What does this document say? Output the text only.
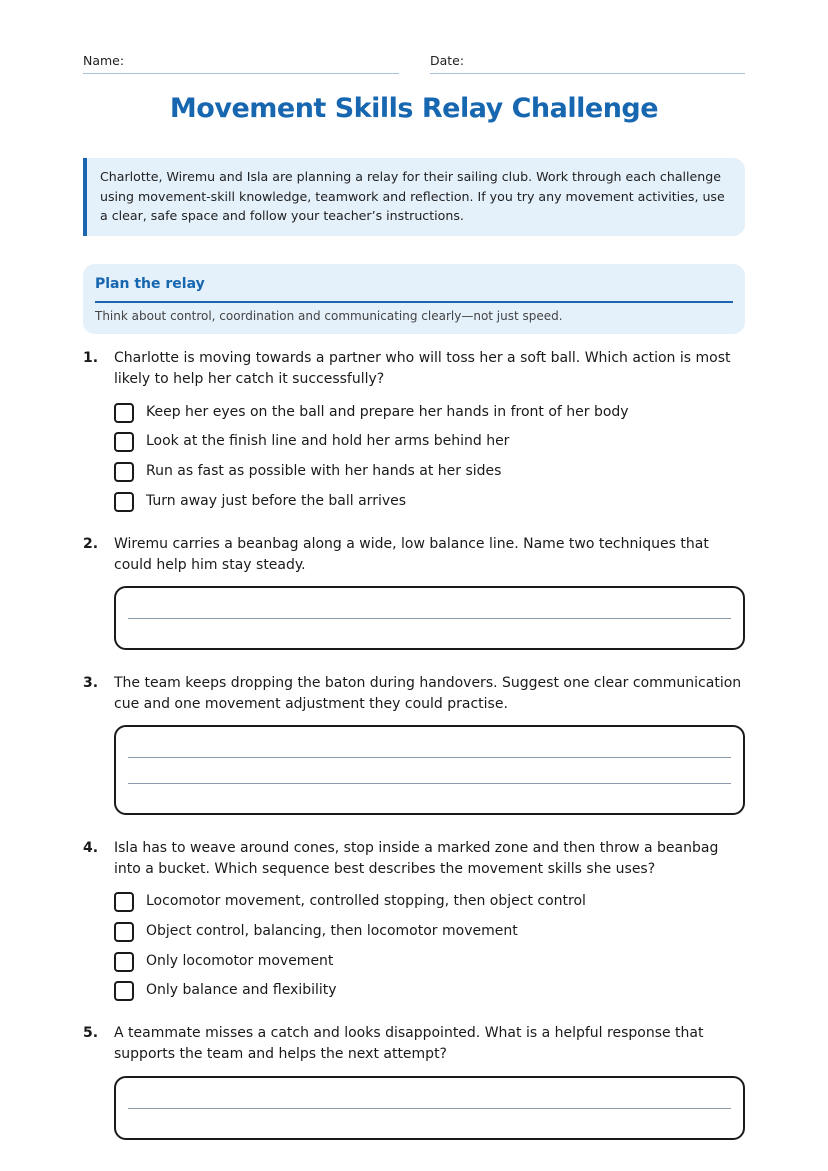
Name:	Date:
Movement Skills Relay Challenge
Charlotte, Wiremu and Isla are planning a relay for their sailing club. Work through each challenge using movement-skill knowledge, teamwork and reflection. If you try any movement activities, use a clear, safe space and follow your teacher’s instructions.
Plan the relay
Think about control, coordination and communicating clearly—not just speed.
1. Charlotte is moving towards a partner who will toss her a soft ball. Which action is most likely to help her catch it successfully?
Keep her eyes on the ball and prepare her hands in front of her body
Look at the finish line and hold her arms behind her
Run as fast as possible with her hands at her sides
Turn away just before the ball arrives
2. Wiremu carries a beanbag along a wide, low balance line. Name two techniques that could help him stay steady.
3. The team keeps dropping the baton during handovers. Suggest one clear communication cue and one movement adjustment they could practise.
4. Isla has to weave around cones, stop inside a marked zone and then throw a beanbag into a bucket. Which sequence best describes the movement skills she uses?
Locomotor movement, controlled stopping, then object control
Object control, balancing, then locomotor movement
Only locomotor movement
Only balance and flexibility
5. A teammate misses a catch and looks disappointed. What is a helpful response that supports the team and helps the next attempt?
